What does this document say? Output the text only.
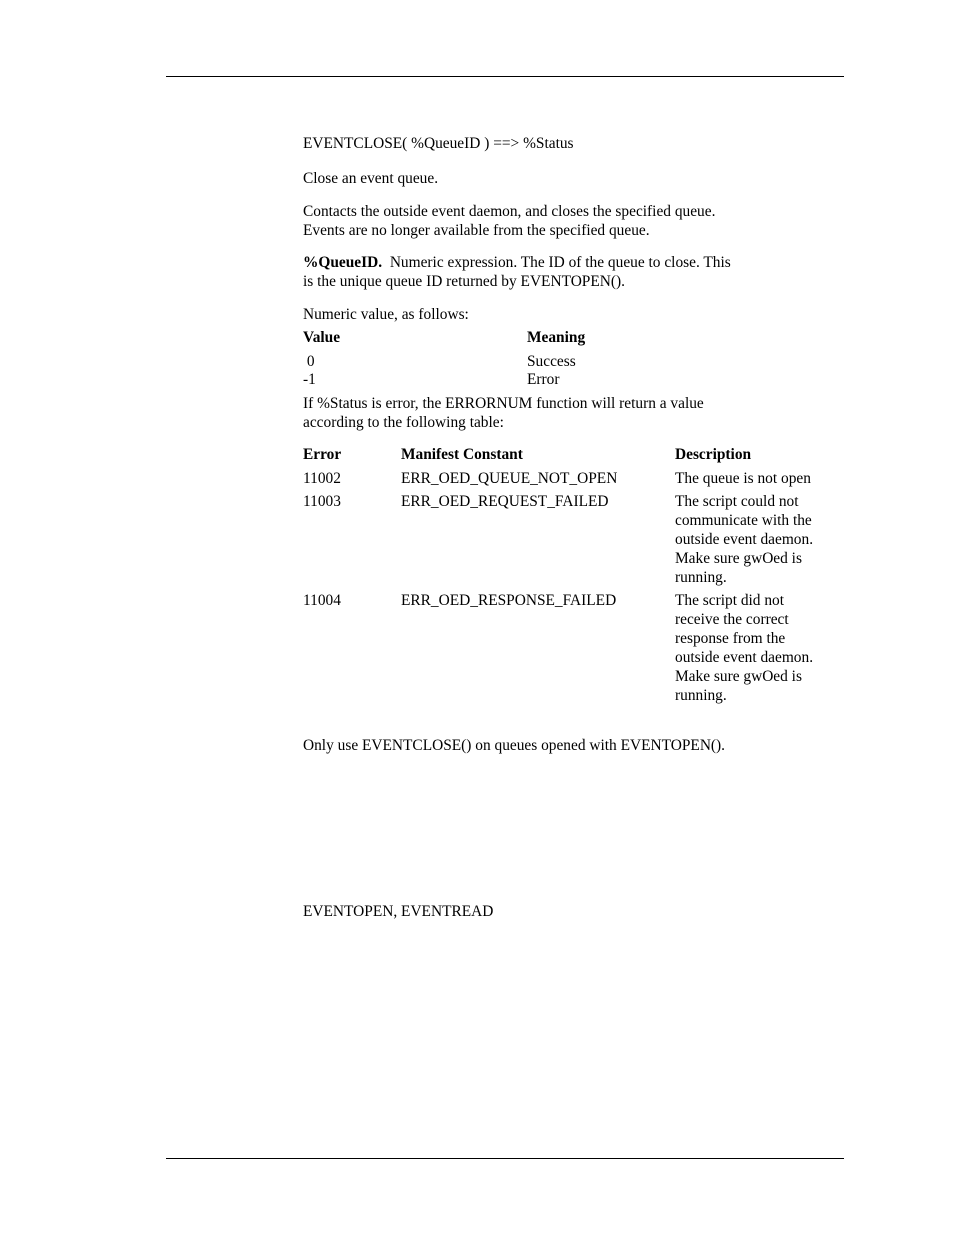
EVENTCLOSE( %QueueID ) ==> %Status
Close an event queue.

Contacts the outside event daemon, and closes the specified queue.

Events are no longer available from the specified queue.

%QueueID. Numeric expression. The ID of the queue to close. This

is the unique queue ID returned by EVENTOPEN().

Numeric value, as follows:
Value	Meaning
0	Success
-1	Error

If %Status is error, the ERRORNUM function will return a value

according to the following table:

Error	Manifest Constant	Description
11002	ERR_OED_QUEUE_NOT_OPEN	The queue is not open
11003	ERR_OED_REQUEST_FAILED	The script could not communicate with the outside event daemon. Make sure gwOed is running.
11004	ERR_OED_RESPONSE_FAILED	The script did not receive the correct response from the outside event daemon. Make sure gwOed is running.
Only use EVENTCLOSE() on queues opened with EVENTOPEN().
EVENTOPEN, EVENTREAD
